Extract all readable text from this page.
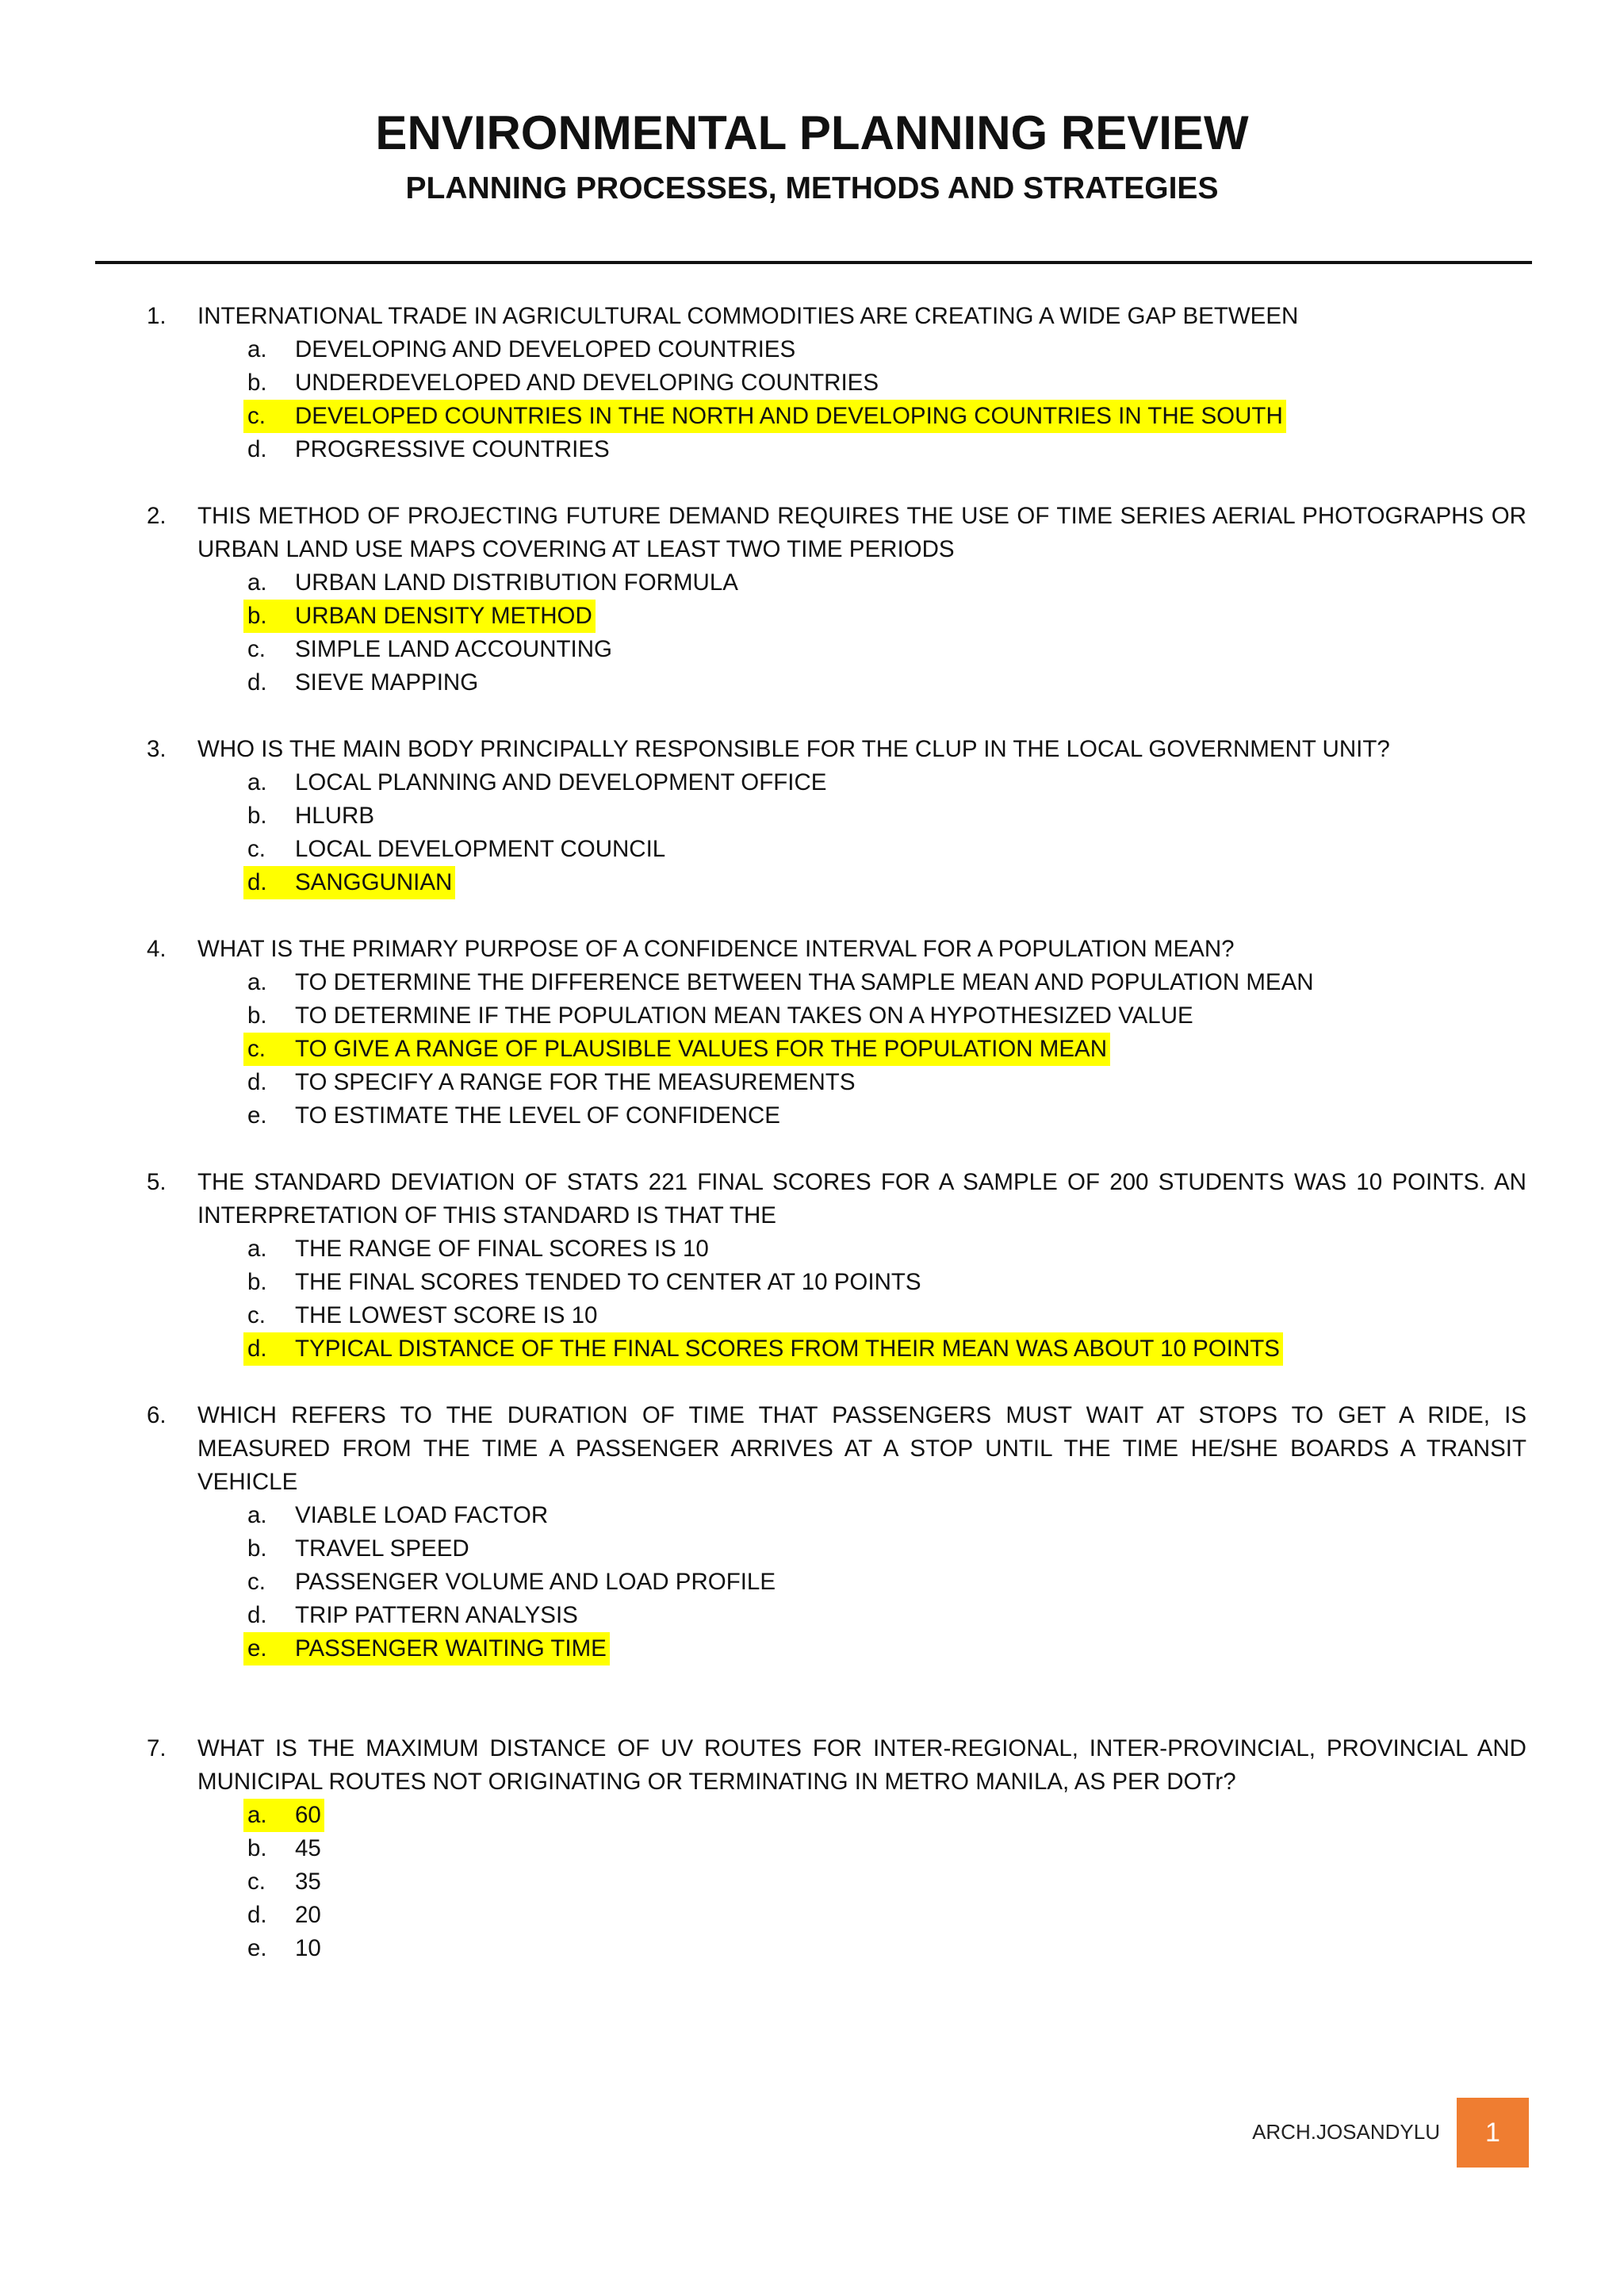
ENVIRONMENTAL PLANNING REVIEW
PLANNING PROCESSES, METHODS AND STRATEGIES
1. INTERNATIONAL TRADE IN AGRICULTURAL COMMODITIES ARE CREATING A WIDE GAP BETWEEN
a. DEVELOPING AND DEVELOPED COUNTRIES
b. UNDERDEVELOPED AND DEVELOPING COUNTRIES
c. DEVELOPED COUNTRIES IN THE NORTH AND DEVELOPING COUNTRIES IN THE SOUTH
d. PROGRESSIVE COUNTRIES
2. THIS METHOD OF PROJECTING FUTURE DEMAND REQUIRES THE USE OF TIME SERIES AERIAL PHOTOGRAPHS OR URBAN LAND USE MAPS COVERING AT LEAST TWO TIME PERIODS
a. URBAN LAND DISTRIBUTION FORMULA
b. URBAN DENSITY METHOD
c. SIMPLE LAND ACCOUNTING
d. SIEVE MAPPING
3. WHO IS THE MAIN BODY PRINCIPALLY RESPONSIBLE FOR THE CLUP IN THE LOCAL GOVERNMENT UNIT?
a. LOCAL PLANNING AND DEVELOPMENT OFFICE
b. HLURB
c. LOCAL DEVELOPMENT COUNCIL
d. SANGGUNIAN
4. WHAT IS THE PRIMARY PURPOSE OF A CONFIDENCE INTERVAL FOR A POPULATION MEAN?
a. TO DETERMINE THE DIFFERENCE BETWEEN THA SAMPLE MEAN AND POPULATION MEAN
b. TO DETERMINE IF THE POPULATION MEAN TAKES ON A HYPOTHESIZED VALUE
c. TO GIVE A RANGE OF PLAUSIBLE VALUES FOR THE POPULATION MEAN
d. TO SPECIFY A RANGE FOR THE MEASUREMENTS
e. TO ESTIMATE THE LEVEL OF CONFIDENCE
5. THE STANDARD DEVIATION OF STATS 221 FINAL SCORES FOR A SAMPLE OF 200 STUDENTS WAS 10 POINTS. AN INTERPRETATION OF THIS STANDARD IS THAT THE
a. THE RANGE OF FINAL SCORES IS 10
b. THE FINAL SCORES TENDED TO CENTER AT 10 POINTS
c. THE LOWEST SCORE IS 10
d. TYPICAL DISTANCE OF THE FINAL SCORES FROM THEIR MEAN WAS ABOUT 10 POINTS
6. WHICH REFERS TO THE DURATION OF TIME THAT PASSENGERS MUST WAIT AT STOPS TO GET A RIDE, IS MEASURED FROM THE TIME A PASSENGER ARRIVES AT A STOP UNTIL THE TIME HE/SHE BOARDS A TRANSIT VEHICLE
a. VIABLE LOAD FACTOR
b. TRAVEL SPEED
c. PASSENGER VOLUME AND LOAD PROFILE
d. TRIP PATTERN ANALYSIS
e. PASSENGER WAITING TIME
7. WHAT IS THE MAXIMUM DISTANCE OF UV ROUTES FOR INTER-REGIONAL, INTER-PROVINCIAL, PROVINCIAL AND MUNICIPAL ROUTES NOT ORIGINATING OR TERMINATING IN METRO MANILA, AS PER DOTr?
a. 60
b. 45
c. 35
d. 20
e. 10
ARCH.JOSANDYLU	1
